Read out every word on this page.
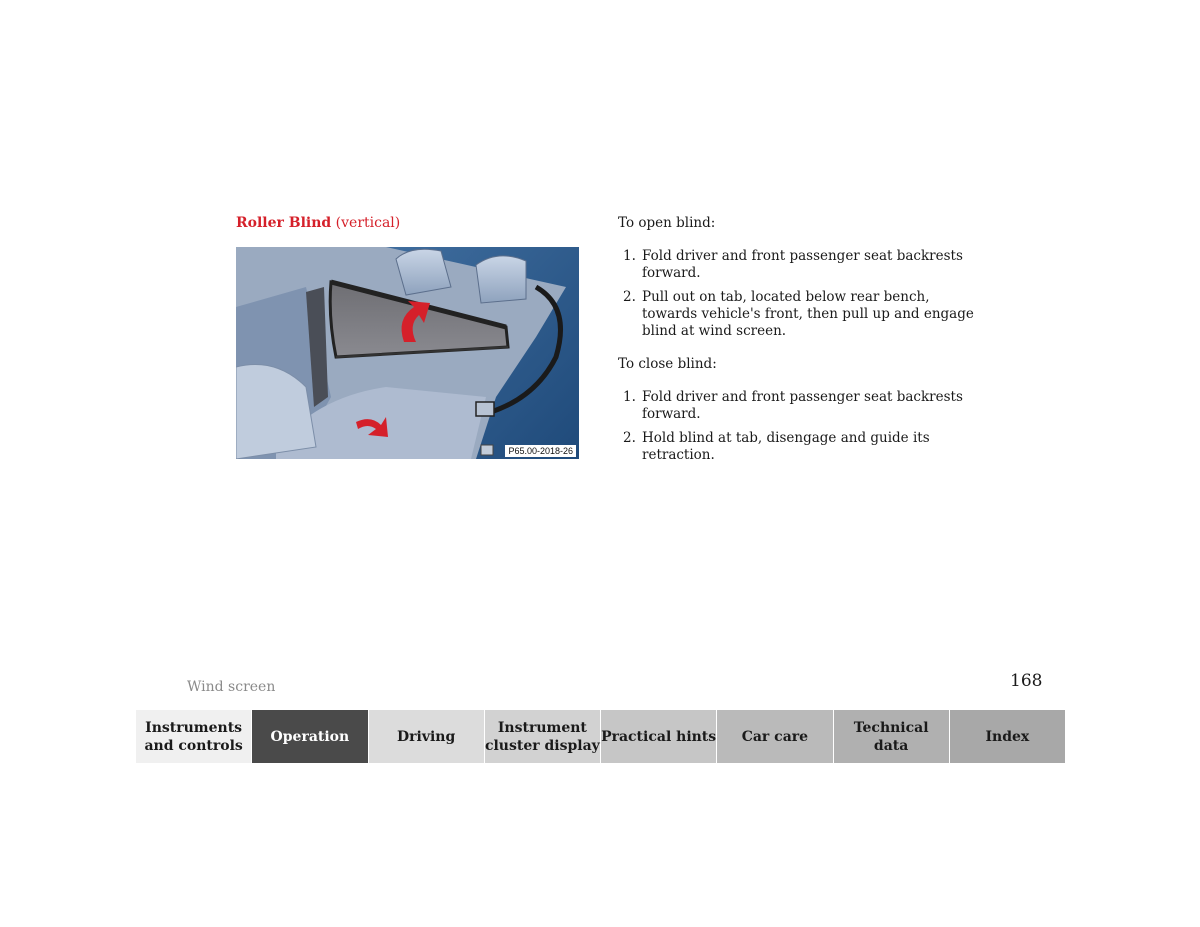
Roller Blind (vertical)
P65.00-2018-26

To open blind:

1. Fold driver and front passenger seat backrests forward.
2. Pull out on tab, located below rear bench, towards vehicle's front, then pull up and engage blind at wind screen.

To close blind:

1. Fold driver and front passenger seat backrests forward.
2. Hold blind at tab, disengage and guide its retraction.
Wind screen	168
Instruments
and controls
Operation	Driving
Instrument
cluster display
Practical hints	Car care
Technical
data
Index
